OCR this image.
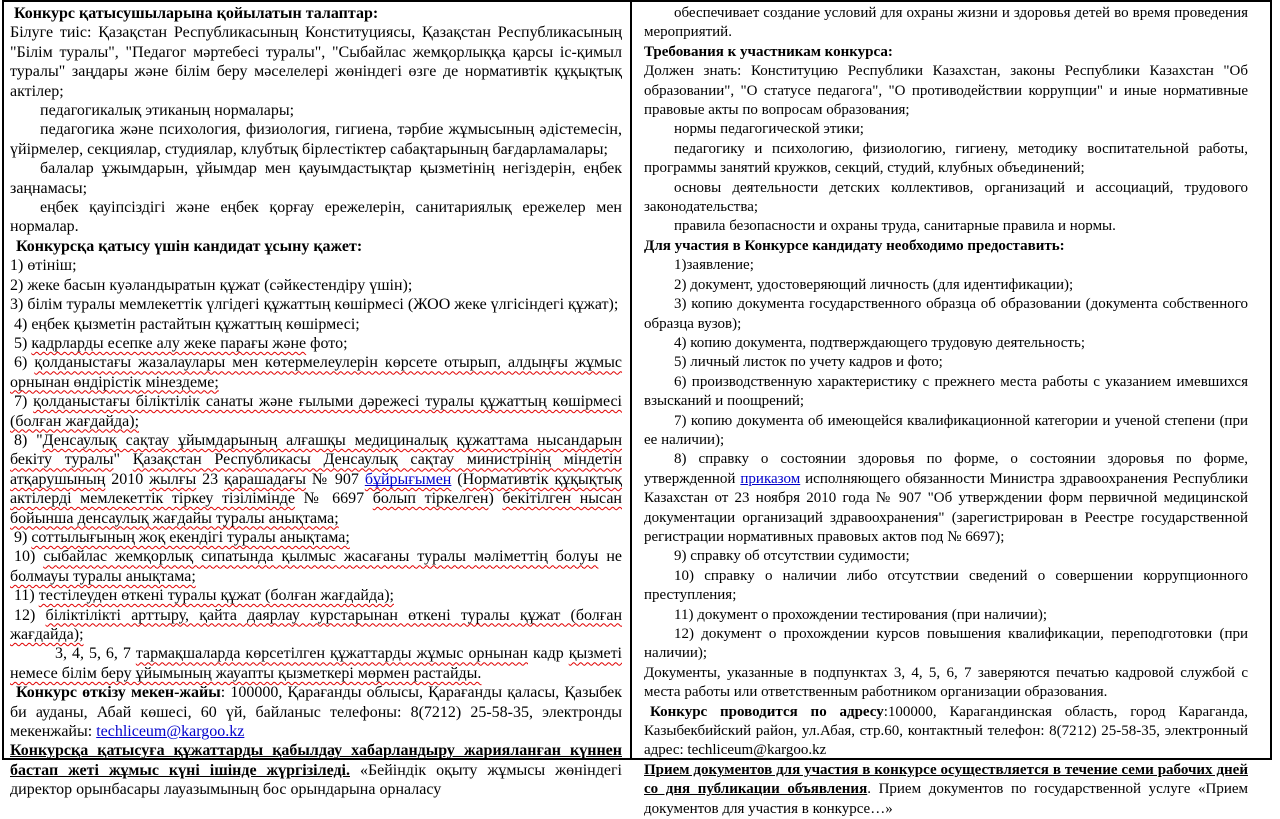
Конкурс қатысушыларына қойылатын талаптар:
Білуге тиіс: Қазақстан Республикасының Конституциясы, Қазақстан Республикасының "Білім туралы", "Педагог мәртебесі туралы", "Сыбайлас жемқорлыққа қарсы іс-қимыл туралы" заңдары және білім беру мәселелері жөніндегі өзге де нормативтік құқықтық актілер;
педагогикалық этиканың нормалары;
педагогика және психология, физиология, гигиена, тәрбие жұмысының әдістемесін, үйірмелер, секциялар, студиялар, клубтық бірлестіктер сабақтарының бағдарламалары;
балалар ұжымдарын, ұйымдар мен қауымдастықтар қызметінің негіздерін, еңбек заңнамасы;
еңбек қауіпсіздігі және еңбек қорғау ережелерін, санитариялық ережелер мен нормалар.
Конкурсқа қатысу үшін кандидат ұсыну қажет:
1) өтініш;
2) жеке басын куәландыратын құжат (сәйкестендіру үшін);
3) білім туралы мемлекеттік үлгідегі құжаттың көшірмесі (ЖОО жеке үлгісіндегі құжат);
4) еңбек қызметін растайтын құжаттың көшірмесі;
5) кадрларды есепке алу жеке парағы және фото;
6) қолданыстағы жазалаулары мен көтермелеулерін көрсете отырып, алдыңғы жұмыс орнынан өндірістік мінездеме;
7) қолданыстағы біліктілік санаты және ғылыми дәрежесі туралы құжаттың көшірмесі (болған жағдайда);
8) "Денсаулық сақтау ұйымдарының алғашқы медициналық құжаттама нысандарын бекіту туралы" Қазақстан Республикасы Денсаулық сақтау министрінің міндетін атқарушының 2010 жылғы 23 қарашадағы № 907 бұйрығымен (Нормативтік құқықтық актілерді мемлекеттік тіркеу тізілімінде № 6697 болып тіркелген) бекітілген нысан бойынша денсаулық жағдайы туралы анықтама;
9) соттылығының жоқ екендігі туралы анықтама;
10) сыбайлас жемқорлық сипатында қылмыс жасағаны туралы мәліметтің болуы не болмауы туралы анықтама;
11) тестілеуден өткені туралы құжат (болған жағдайда);
12) біліктілікті арттыру, қайта даярлау курстарынан өткені туралы құжат (болған жағдайда);
3, 4, 5, 6, 7 тармақшаларда көрсетілген құжаттарды жұмыс орнынан кадр қызметі немесе білім беру ұйымының жауапты қызметкері мөрмен растайды.
Конкурс өткізу мекен-жайы: 100000, Қарағанды облысы, Қарағанды қаласы, Қазыбек би ауданы, Абай көшесі, 60 үй, байланыс телефоны: 8(7212) 25-58-35, электронды мекенжайы: techliceum@kargoo.kz
Конкурсқа қатысуға құжаттарды қабылдау хабарландыру жарияланған күннен бастап жеті жұмыс күні ішінде жүргізіледі. «Бейіндік оқыту жұмысы жөніндегі директор орынбасары лауазымының бос орындарына орналасу
обеспечивает создание условий для охраны жизни и здоровья детей во время проведения мероприятий.
Требования к участникам конкурса:
Должен знать: Конституцию Республики Казахстан, законы Республики Казахстан "Об образовании", "О статусе педагога", "О противодействии коррупции" и иные нормативные правовые акты по вопросам образования;
нормы педагогической этики;
педагогику и психологию, физиологию, гигиену, методику воспитательной работы, программы занятий кружков, секций, студий, клубных объединений;
основы деятельности детских коллективов, организаций и ассоциаций, трудового законодательства;
правила безопасности и охраны труда, санитарные правила и нормы.
Для участия в Конкурсе кандидату необходимо предоставить:
1)заявление;
2) документ, удостоверяющий личность (для идентификации);
3) копию документа государственного образца об образовании (документа собственного образца вузов);
4) копию документа, подтверждающего трудовую деятельность;
5) личный листок по учету кадров и фото;
6) производственную характеристику с прежнего места работы с указанием имевшихся взысканий и поощрений;
7) копию документа об имеющейся квалификационной категории и ученой степени (при ее наличии);
8) справку о состоянии здоровья по форме, о состоянии здоровья по форме, утвержденной приказом исполняющего обязанности Министра здравоохранения Республики Казахстан от 23 ноября 2010 года № 907 "Об утверждении форм первичной медицинской документации организаций здравоохранения" (зарегистрирован в Реестре государственной регистрации нормативных правовых актов под № 6697);
9) справку об отсутствии судимости;
10) справку о наличии либо отсутствии сведений о совершении коррупционного преступления;
11) документ о прохождении тестирования (при наличии);
12) документ о прохождении курсов повышения квалификации, переподготовки (при наличии);
Документы, указанные в подпунктах 3, 4, 5, 6, 7 заверяются печатью кадровой службой с места работы или ответственным работником организации образования.
Конкурс проводится по адресу:100000, Карагандинская область, город Караганда, Казыбекбийский район, ул.Абая, стр.60, контактный телефон: 8(7212) 25-58-35, электронный адрес: techliceum@kargoo.kz
Прием документов для участия в конкурсе осуществляется в течение семи рабочих дней со дня публикации объявления. Прием документов по государственной услуге «Прием документов для участия в конкурсе…»
